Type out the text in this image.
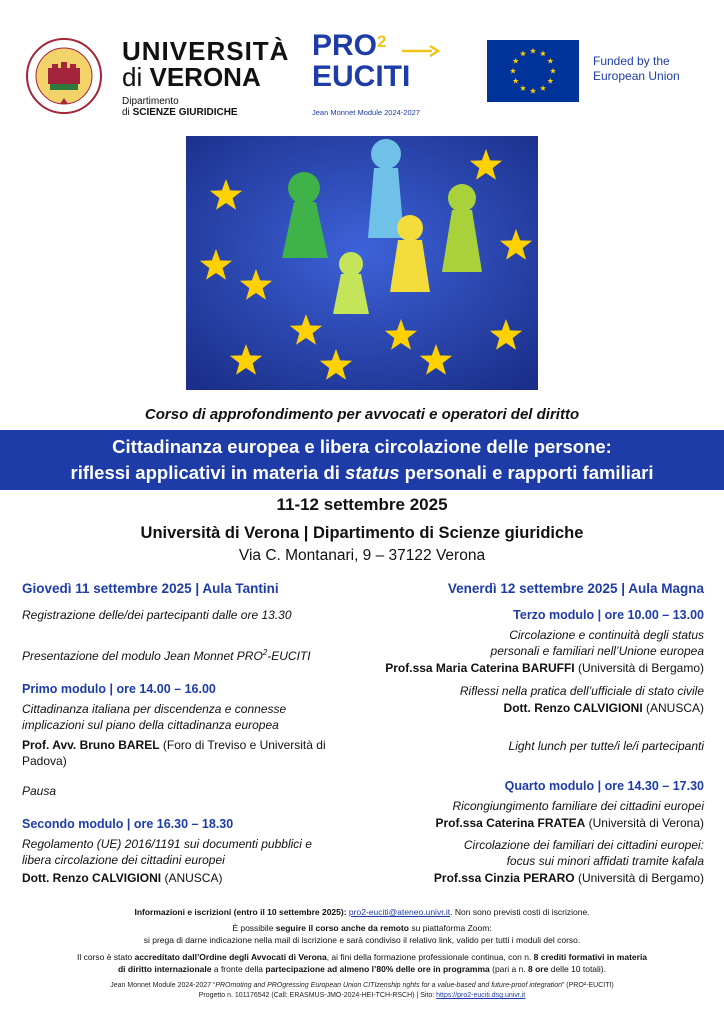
UNIVERSITÀ
di VERONA
Dipartimento
di SCIENZE GIURIDICHE
PRO$^2$
EUCITI
Jean Monnet Module 2024-2027
Funded by the
European Union
Corso di approfondimento per avvocati e operatori del diritto
Cittadinanza europea e libera circolazione delle persone:
riflessi applicativi in materia di status personali e rapporti familiari
11-12 settembre 2025
Università di Verona | Dipartimento di Scienze giuridiche
Via C. Montanari, 9 – 37122 Verona
Giovedì 11 settembre 2025 | Aula Tantini
Registrazione delle/dei partecipanti dalle ore 13.30
Presentazione del modulo Jean Monnet PRO$^2$-EUCITI
Primo modulo | ore 14.00 – 16.00
Cittadinanza italiana per discendenza e connesse implicazioni sul piano della cittadinanza europea
Prof. Avv. Bruno BAREL (Foro di Treviso e Università di Padova)
Pausa
Secondo modulo | ore 16.30 – 18.30
Regolamento (UE) 2016/1191 sui documenti pubblici e libera circolazione dei cittadini europei
Dott. Renzo CALVIGIONI (ANUSCA)
Venerdì 12 settembre 2025 | Aula Magna
Terzo modulo | ore 10.00 – 13.00
Circolazione e continuità degli status personali e familiari nell’Unione europea
Prof.ssa Maria Caterina BARUFFI (Università di Bergamo)
Riflessi nella pratica dell’ufficiale di stato civile
Dott. Renzo CALVIGIONI (ANUSCA)
Light lunch per tutte/i le/i partecipanti
Quarto modulo | ore 14.30 – 17.30
Ricongiungimento familiare dei cittadini europei
Prof.ssa Caterina FRATEA (Università di Verona)
Circolazione dei familiari dei cittadini europei:
focus sui minori affidati tramite kafala
Prof.ssa Cinzia PERARO (Università di Bergamo)
Informazioni e iscrizioni (entro il 10 settembre 2025): pro2-euciti@ateneo.univr.it. Non sono previsti costi di iscrizione.
È possibile seguire il corso anche da remoto su piattaforma Zoom:
si prega di darne indicazione nella mail di iscrizione e sarà condiviso il relativo link, valido per tutti i moduli del corso.
Il corso è stato accreditato dall’Ordine degli Avvocati di Verona, ai fini della formazione professionale continua, con n. 8 crediti formativi in materia
di diritto internazionale a fronte della partecipazione ad almeno l’80% delle ore in programma (pari a n. 8 ore delle 10 totali).
Jean Monnet Module 2024-2027 “PROmoting and PROgressing European Union CITIzenship rights for a value-based and future-proof integration” (PRO²-EUCITI)
Progetto n. 101176542 (Call: ERASMUS-JMO-2024-HEI-TCH-RSCH) | Sito: https://pro2-euciti.dsg.univr.it
